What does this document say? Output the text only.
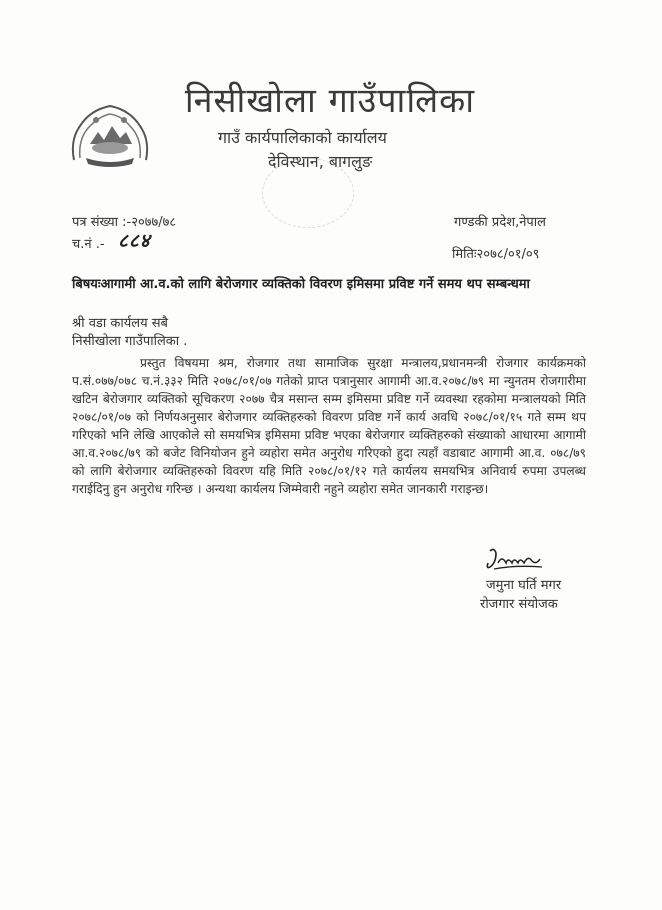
निसीखोला गाउँपालिका
गाउँ कार्यपालिकाको कार्यालय
देविस्थान, बागलुङ
पत्र संख्या :-२०७७/७८
च.नं .- ८८४
गण्डकी प्रदेश,नेपाल
मितिः२०७८/०१/०९
बिषयःआगामी आ.व.को लागि बेरोजगार व्यक्तिको विवरण इमिसमा प्रविष्ट गर्ने समय थप सम्बन्धमा
श्री वडा कार्यलय सबै
निसीखोला गाउँपालिका .
प्रस्तुत विषयमा श्रम, रोजगार तथा सामाजिक सुरक्षा मन्त्रालय,प्रधानमन्त्री रोजगार कार्यक्रमको प.सं.०७७/०७८ च.नं.३३२ मिति २०७८/०१/०७ गतेको प्राप्त पत्रानुसार आगामी आ.व.२०७८/७९ मा न्युनतम रोजगारीमा खटिन बेरोजगार व्यक्तिको सूचिकरण २०७७ चैत्र मसान्त सम्म इमिसमा प्रविष्ट गर्ने व्यवस्था रहकोमा मन्त्रालयको मिति २०७८/०१/०७ को निर्णयअनुसार बेरोजगार व्यक्तिहरुको विवरण प्रविष्ट गर्ने कार्य अवधि २०७८/०१/१५ गते सम्म थप गरिएको भनि लेखि आएकोले सो समयभित्र इमिसमा प्रविष्ट भएका बेरोजगार व्यक्तिहरुको संख्याको आधारमा आगामी आ.व.२०७८/७९ को बजेट विनियोजन हुने व्यहोरा समेत अनुरोध गरिएको हुदा त्यहाँ वडाबाट आगामी आ.व. ०७८/७९ को लागि बेरोजगार व्यक्तिहरुको विवरण यहि मिति २०७८/०१/१२ गते कार्यलय समयभित्र अनिवार्य रुपमा उपलब्ध गराईदिनु हुन अनुरोध गरिन्छ । अन्यथा कार्यलय जिम्मेवारी नहुने व्यहोरा समेत जानकारी गराइन्छ।
जमुना घर्ति मगर
रोजगार संयोजक
